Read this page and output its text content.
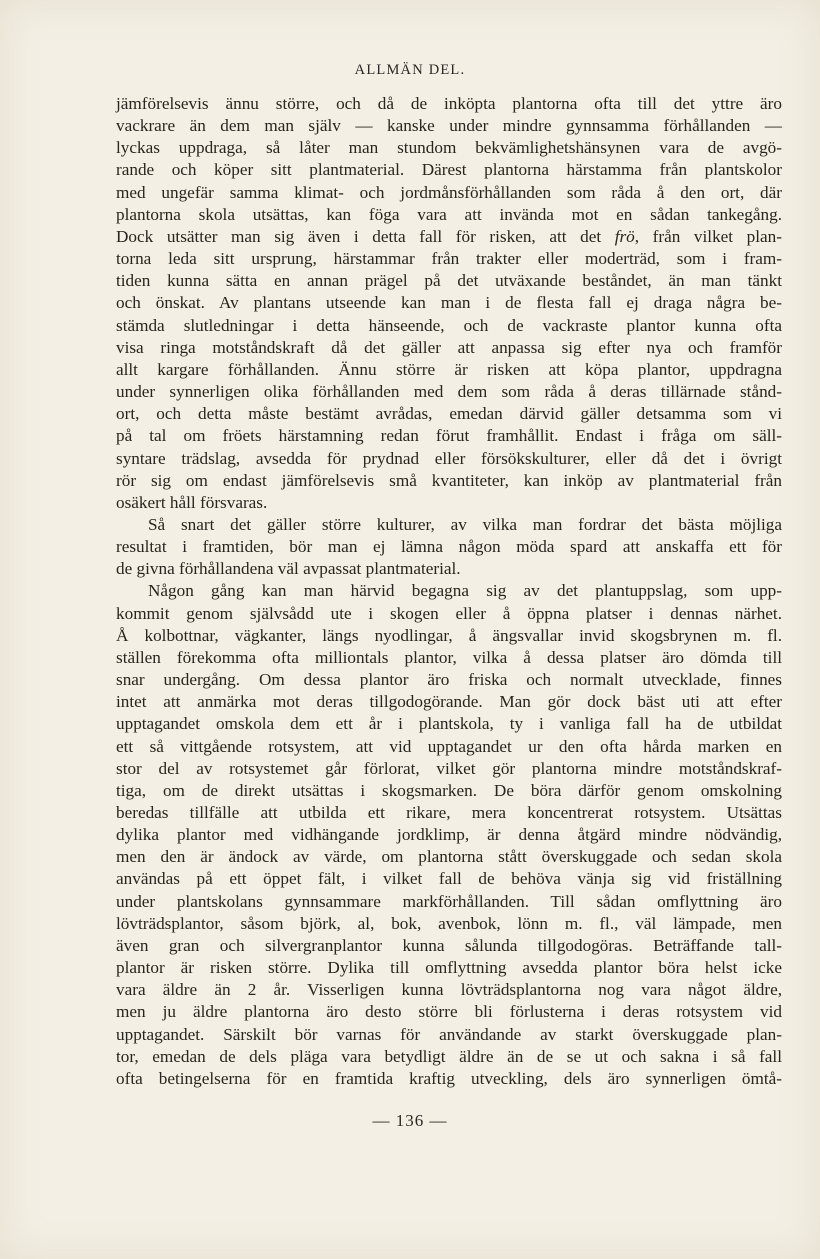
ALLMÄN DEL.

jämförelsevis ännu större, och då de inköpta plantorna ofta till det yttre äro

vackrare än dem man själv — kanske under mindre gynnsamma förhållanden —

lyckas uppdraga, så låter man stundom bekvämlighetshänsynen vara de avgö-

rande och köper sitt plantmaterial. Därest plantorna härstamma från plantskolor

med ungefär samma klimat- och jordmånsförhållanden som råda å den ort, där

plantorna skola utsättas, kan föga vara att invända mot en sådan tankegång.

Dock utsätter man sig även i detta fall för risken, att det frö, från vilket plan-

torna leda sitt ursprung, härstammar från trakter eller moderträd, som i fram-

tiden kunna sätta en annan prägel på det utväxande beståndet, än man tänkt

och önskat. Av plantans utseende kan man i de flesta fall ej draga några be-

stämda slutledningar i detta hänseende, och de vackraste plantor kunna ofta

visa ringa motståndskraft då det gäller att anpassa sig efter nya och framför

allt kargare förhållanden. Ännu större är risken att köpa plantor, uppdragna

under synnerligen olika förhållanden med dem som råda å deras tillärnade stånd-

ort, och detta måste bestämt avrådas, emedan därvid gäller detsamma som vi

på tal om fröets härstamning redan förut framhållit. Endast i fråga om säll-

syntare trädslag, avsedda för prydnad eller försökskulturer, eller då det i övrigt

rör sig om endast jämförelsevis små kvantiteter, kan inköp av plantmaterial från

osäkert håll försvaras.

Så snart det gäller större kulturer, av vilka man fordrar det bästa möjliga

resultat i framtiden, bör man ej lämna någon möda spard att anskaffa ett för

de givna förhållandena väl avpassat plantmaterial.

Någon gång kan man härvid begagna sig av det plantuppslag, som upp-

kommit genom självsådd ute i skogen eller å öppna platser i dennas närhet.

Å kolbottnar, vägkanter, längs nyodlingar, å ängsvallar invid skogsbrynen m. fl.

ställen förekomma ofta milliontals plantor, vilka å dessa platser äro dömda till

snar undergång. Om dessa plantor äro friska och normalt utvecklade, finnes

intet att anmärka mot deras tillgodogörande. Man gör dock bäst uti att efter

upptagandet omskola dem ett år i plantskola, ty i vanliga fall ha de utbildat

ett så vittgående rotsystem, att vid upptagandet ur den ofta hårda marken en

stor del av rotsystemet går förlorat, vilket gör plantorna mindre motståndskraf-

tiga, om de direkt utsättas i skogsmarken. De böra därför genom omskolning

beredas tillfälle att utbilda ett rikare, mera koncentrerat rotsystem. Utsättas

dylika plantor med vidhängande jordklimp, är denna åtgärd mindre nödvändig,

men den är ändock av värde, om plantorna stått överskuggade och sedan skola

användas på ett öppet fält, i vilket fall de behöva vänja sig vid friställning

under plantskolans gynnsammare markförhållanden. Till sådan omflyttning äro

lövträdsplantor, såsom björk, al, bok, avenbok, lönn m. fl., väl lämpade, men

även gran och silvergranplantor kunna sålunda tillgodogöras. Beträffande tall-

plantor är risken större. Dylika till omflyttning avsedda plantor böra helst icke

vara äldre än 2 år. Visserligen kunna lövträdsplantorna nog vara något äldre,

men ju äldre plantorna äro desto större bli förlusterna i deras rotsystem vid

upptagandet. Särskilt bör varnas för användande av starkt överskuggade plan-

tor, emedan de dels pläga vara betydligt äldre än de se ut och sakna i så fall

ofta betingelserna för en framtida kraftig utveckling, dels äro synnerligen ömtå-

— 136 —
